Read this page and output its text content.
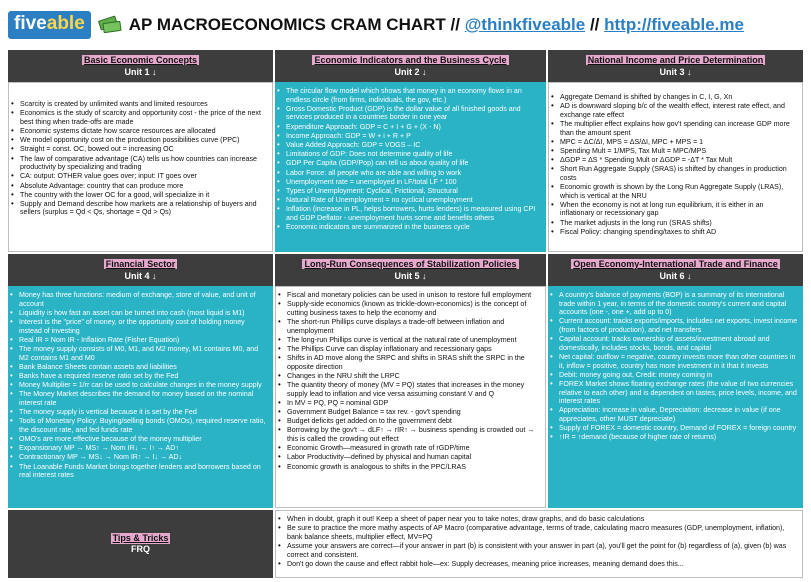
five able	AP MACROECONOMICS CRAM CHART // @thinkfiveable // http://fiveable.me
Basic Economic Concepts
Unit 1 ↓
Economic Indicators and the Business Cycle
Unit 2 ↓
National Income and Price Determination
Unit 3 ↓
• Scarcity is created by unlimited wants and limited resources
• Economics is the study of scarcity and opportunity cost - the price of the next best thing when trade-offs are made
• Economic systems dictate how scarce resources are allocated
• We model opportunity cost on the production possibilities curve (PPC)
• Straight = const. OC, bowed out = increasing OC
• The law of comparative advantage (CA) tells us how countries can increase productivity by specializing and trading
• CA: output: OTHER value goes over; input: IT goes over
• Absolute Advantage: country that can produce more
• The country with the lower OC for a good, will specialize in it
• Supply and Demand describe how markets are a relationship of buyers and sellers (surplus = Qd < Qs, shortage = Qd > Qs)
• The circular flow model which shows that money in an economy flows in an endless circle (from firms, individuals, the gov, etc.)
• Gross Domestic Product (GDP) is the dollar value of all finished goods and services produced in a countries border in one year
• Expenditure Approach: GDP = C + I + G + (X - N)
• Income Approach: GDP = W + i + R + P
• Value Added Approach: GDP = VOGS – IC
• Limitations of GDP: Does not determine quality of life
• GDP Per Capita (GDP/Pop) can tell us about quality of life
• Labor Force: all people who are able and willing to work
• Unemployment rate = unemployed in LF/total LF * 100
• Types of Unemployment: Cyclical, Frictional, Structural
• Natural Rate of Unemployment = no cyclical unemployment
• Inflation (increase in PL, helps borrowers, hurts lenders) is measured using CPI and GDP Deflator - unemployment hurts some and benefits others
• Economic indicators are summarized in the business cycle
• Aggregate Demand is shifted by changes in C, I, G, Xn
• AD is downward sloping b/c of the wealth effect, interest rate effect, and exchange rate effect
• The multiplier effect explains how gov't spending can increase GDP more than the amount spent
• MPC = ΔC/ΔI, MPS = ΔS/ΔI, MPC + MPS = 1
• Spending Mult = 1/MPS, Tax Mult = MPC/MPS
• ΔGDP = ΔS * Spending Mult or ΔGDP = -ΔT * Tax Mult
• Short Run Aggregate Supply (SRAS) is shifted by changes in production costs
• Economic growth is shown by the Long Run Aggregate Supply (LRAS), which is vertical at the NRU
• When the economy is not at long run equilibrium, it is either in an inflationary or recessionary gap
• The market adjusts in the long run (SRAS shifts)
• Fiscal Policy: changing spending/taxes to shift AD
Financial Sector
Unit 4 ↓
Long-Run Consequences of Stabilization Policies
Unit 5 ↓
Open Economy-International Trade and Finance
Unit 6 ↓
• Money has three functions: medium of exchange, store of value, and unit of account
• Liquidity is how fast an asset can be turned into cash (most liquid is M1)
• Interest is the "price" of money, or the opportunity cost of holding money instead of investing
• Real IR = Nom IR - Inflation Rate (Fisher Equation)
• The money supply consists of M0, M1, and M2 money, M1 contains M0, and M2 contains M1 and M0
• Bank Balance Sheets contain assets and liabilities
• Banks have a required reserve ratio set by the Fed
• Money Multiplier = 1/rr can be used to calculate changes in the money supply
• The Money Market describes the demand for money based on the nominal interest rate
• The money supply is vertical because it is set by the Fed
• Tools of Monetary Policy: Buying/selling bonds (OMOs), required reserve ratio, the discount rate, and fed funds rate
• OMO's are more effective because of the money multiplier
• Expansionary MP → MS↑ → Nom IR↓ → I↑ → AD↑
• Contractionary MP → MS↓ → Nom IR↑ → I↓ → AD↓
• The Loanable Funds Market brings together lenders and borrowers based on real interest rates
• Fiscal and monetary policies can be used in unison to restore full employment
• Supply-side economics (known as trickle-down-economics) is the concept of cutting business taxes to help the economy and
• The short-run Phillips curve displays a trade-off between inflation and unemployment
• The long-run Phillips curve is vertical at the natural rate of unemployment
• The Phillips Curve can display inflationary and recessionary gaps
• Shifts in AD move along the SRPC and shifts in SRAS shift the SRPC in the opposite direction
• Changes in the NRU shift the LRPC
• The quantity theory of money (MV = PQ) states that increases in the money supply lead to inflation and vice versa assuming constant V and Q
• In MV = PQ, PQ = nominal GDP
• Government Budget Balance = tax rev. - gov't spending
• Budget deficits get added on to the government debt
• Borrowing by the gov't → dLF↑ → rIR↑ → business spending is crowded out → this is called the crowding out effect
• Economic Growth—measured in growth rate of rGDP/time
• Labor Productivity—defined by physical and human capital
• Economic growth is analogous to shifts in the PPC/LRAS
• A country's balance of payments (BOP) is a summary of its international trade within 1 year, in terms of the domestic country's current and capital accounts (one -, one +, add up to 0)
• Current account: tracks exports/imports, includes net exports, invest income (from factors of production), and net transfers
• Capital account: tracks ownership of assets/investment abroad and domestically, includes stocks, bonds, and capital
• Net capital: outflow = negative, country invests more than other countries in it, inflow = positive, country has more investment in it that it invests
• Debit: money going out, Credit: money coming in
• FOREX Market shows floating exchange rates (the value of two currencies relative to each other) and is dependent on tastes, price levels, income, and interest rates
• Appreciation: increase in value, Depreciation: decrease in value (if one appreciates, other MUST depreciate)
• Supply of FOREX = domestic country, Demand of FOREX = foreign country
• ↑IR = ↑demand (because of higher rate of returns)
Tips & Tricks
FRQ
• When in doubt, graph it out! Keep a sheet of paper near you to take notes, draw graphs, and do basic calculations
• Be sure to practice the more mathy aspects of AP Macro (comparative advantage, terms of trade, calculating macro measures (GDP, unemployment, inflation), bank balance sheets, multiplier effect, MV=PQ
• Assume your answers are correct—if your answer in part (b) is consistent with your answer in part (a), you'll get the point for (b) regardless of (a), given (b) was correct and consistent.
• Don't go down the cause and effect rabbit hole—ex: Supply decreases, meaning price increases, meaning demand does this...
